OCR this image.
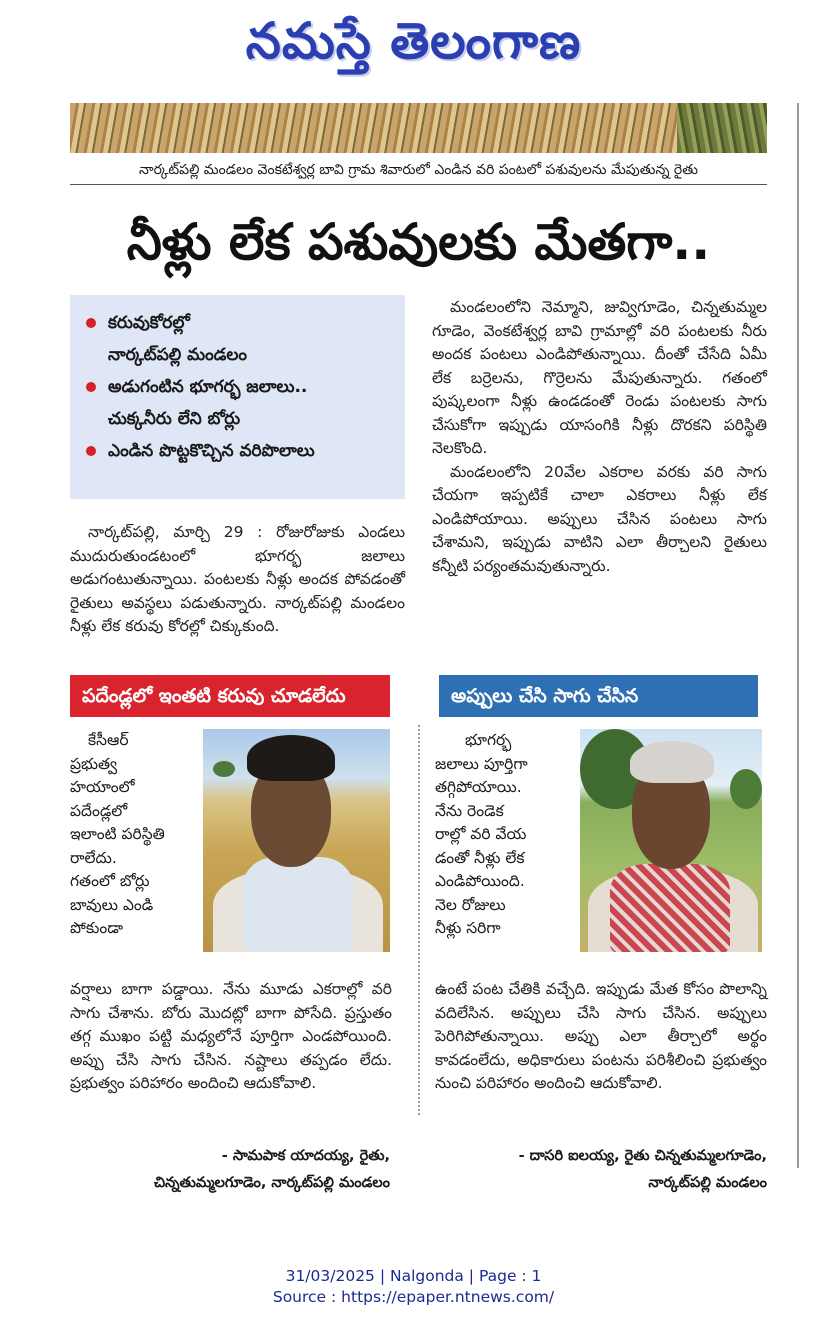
నమస్తే తెలంగాణ
నార్కట్‌పల్లి మండలం వెంకటేశ్వర్ల బావి గ్రామ శివారులో ఎండిన వరి పంటలో పశువులను మేపుతున్న రైతు
నీళ్లు లేక పశువులకు మేతగా..
కరువుకోరల్లో
నార్కట్‌పల్లి మండలం
అడుగంటిన భూగర్భ జలాలు..
చుక్కనీరు లేని బోర్లు
ఎండిన పొట్టకొచ్చిన వరిపొలాలు

మండలంలోని నెమ్మాని, జువ్విగూడెం, చిన్నతుమ్మల గూడెం, వెంకటేశ్వర్ల బావి గ్రామాల్లో వరి పంటలకు నీరు అందక పంటలు ఎండిపోతున్నాయి. దీంతో చేసేది ఏమీ లేక బర్రెలను, గొర్రెలను మేపుతున్నారు. గతంలో పుష్కలంగా నీళ్లు ఉండడంతో రెండు పంటలకు సాగు చేసుకోగా ఇప్పుడు యాసంగికి నీళ్లు దొరకని పరిస్థితి నెలకొంది.

మండలంలోని 20వేల ఎకరాల వరకు వరి సాగు చేయగా ఇప్పటికే చాలా ఎకరాలు నీళ్లు లేక ఎండిపోయాయి. అప్పులు చేసిన పంటలు సాగు చేశామని, ఇప్పుడు వాటిని ఎలా తీర్చాలని రైతులు కన్నీటి పర్యంతమవుతున్నారు.

నార్కట్‌పల్లి, మార్చి 29 : రోజురోజుకు ఎండలు ముదురుతుండటంలో భూగర్భ జలాలు అడుగంటుతున్నాయి. పంటలకు నీళ్లు అందక పోవడంతో రైతులు అవస్థలు పడుతున్నారు. నార్కట్‌పల్లి మండలం నీళ్లు లేక కరువు కోరల్లో చిక్కుకుంది.
పదేండ్లలో ఇంతటి కరువు చూడలేదు
కేసీఆర్
ప్రభుత్వ
హయాంలో
పదేండ్లలో
ఇలాంటి పరిస్థితి
రాలేదు.
గతంలో బోర్లు
బావులు ఎండి
పోకుండా
వర్షాలు బాగా పడ్డాయి. నేను మూడు ఎకరాల్లో వరి సాగు చేశాను. బోరు మొదట్లో బాగా పోసేది. ప్రస్తుతం తగ్గ ముఖం పట్టి మధ్యలోనే పూర్తిగా ఎండపోయింది. అప్పు చేసి సాగు చేసిన. నష్టాలు తప్పడం లేదు. ప్రభుత్వం పరిహారం అందించి ఆదుకోవాలి.
- సామపాక యాదయ్య, రైతు,
చిన్నతుమ్మలగూడెం, నార్కట్‌పల్లి మండలం
అప్పులు చేసి సాగు చేసిన
భూగర్భ
జలాలు పూర్తిగా
తగ్గిపోయాయి.
నేను రెండెక
రాల్లో వరి వేయ
డంతో నీళ్లు లేక
ఎండిపోయింది.
నెల రోజులు
నీళ్లు సరిగా
ఉంటే పంట చేతికి వచ్చేది. ఇప్పుడు మేత కోసం పొలాన్ని వదిలేసిన. అప్పులు చేసి సాగు చేసిన. అప్పులు పెరిగిపోతున్నాయి. అప్పు ఎలా తీర్చాలో అర్థం కావడంలేదు, అధికారులు పంటను పరిశీలించి ప్రభుత్వం నుంచి పరిహారం అందించి ఆదుకోవాలి.
- దాసరి ఐలయ్య, రైతు చిన్నతుమ్మలగూడెం,
నార్కట్‌పల్లి మండలం
31/03/2025 | Nalgonda | Page : 1
Source : https://epaper.ntnews.com/
